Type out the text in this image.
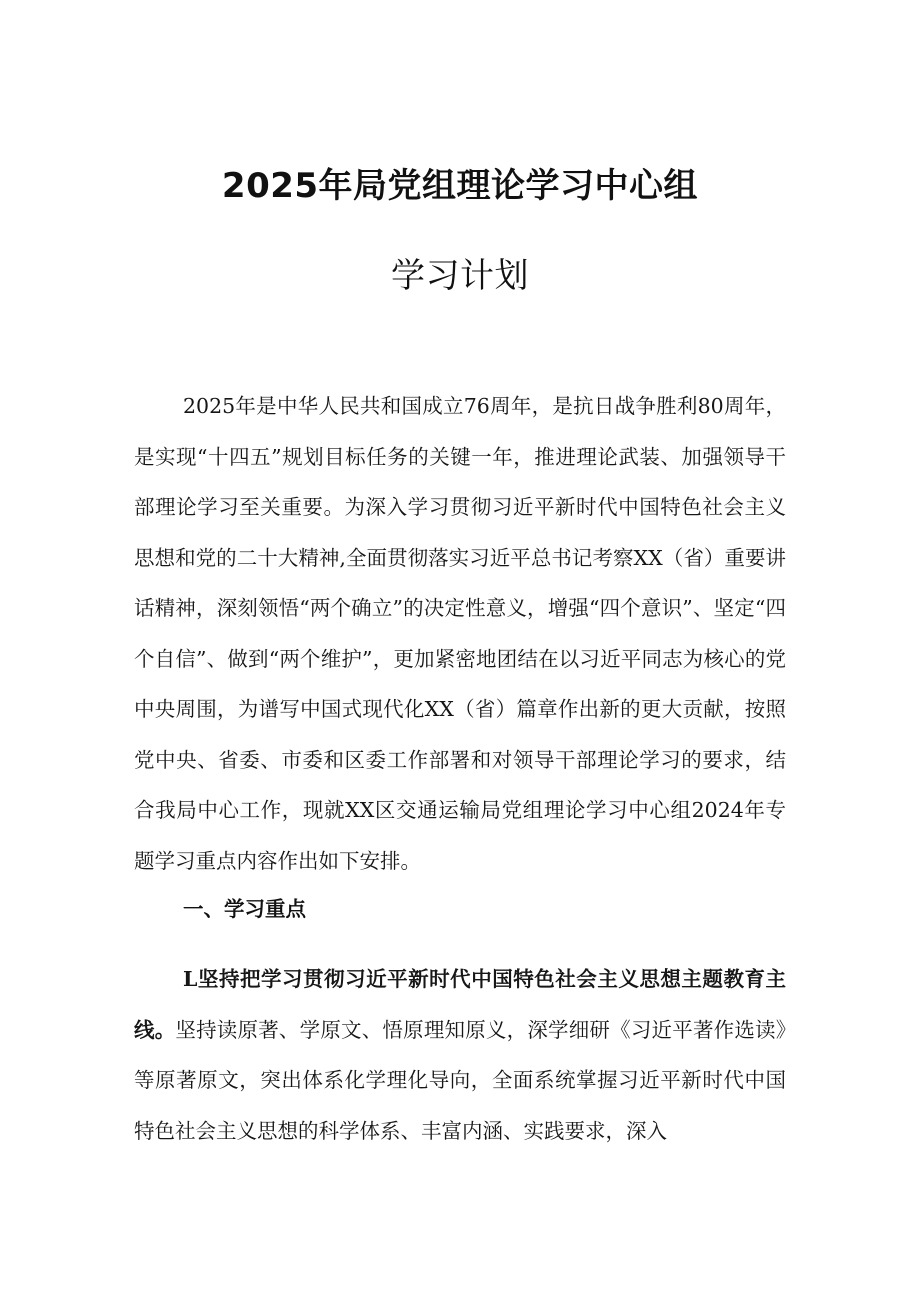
2025年局党组理论学习中心组
学习计划
2025年是中华人民共和国成立76周年，是抗日战争胜利80周年，是实现“十四五”规划目标任务的关键一年，推进理论武装、加强领导干部理论学习至关重要。为深入学习贯彻习近平新时代中国特色社会主义思想和党的二十大精神,全面贯彻落实习近平总书记考察XX（省）重要讲话精神，深刻领悟“两个确立”的决定性意义，增强“四个意识”、坚定“四个自信”、做到“两个维护”，更加紧密地团结在以习近平同志为核心的党中央周围，为谱写中国式现代化XX（省）篇章作出新的更大贡献，按照党中央、省委、市委和区委工作部署和对领导干部理论学习的要求，结合我局中心工作，现就XX区交通运输局党组理论学习中心组2024年专题学习重点内容作出如下安排。
一、学习重点
L坚持把学习贯彻习近平新时代中国特色社会主义思想主题教育主线。坚持读原著、学原文、悟原理知原义，深学细研《习近平著作选读》等原著原文，突出体系化学理化导向，全面系统掌握习近平新时代中国特色社会主义思想的科学体系、丰富内涵、实践要求，深入
